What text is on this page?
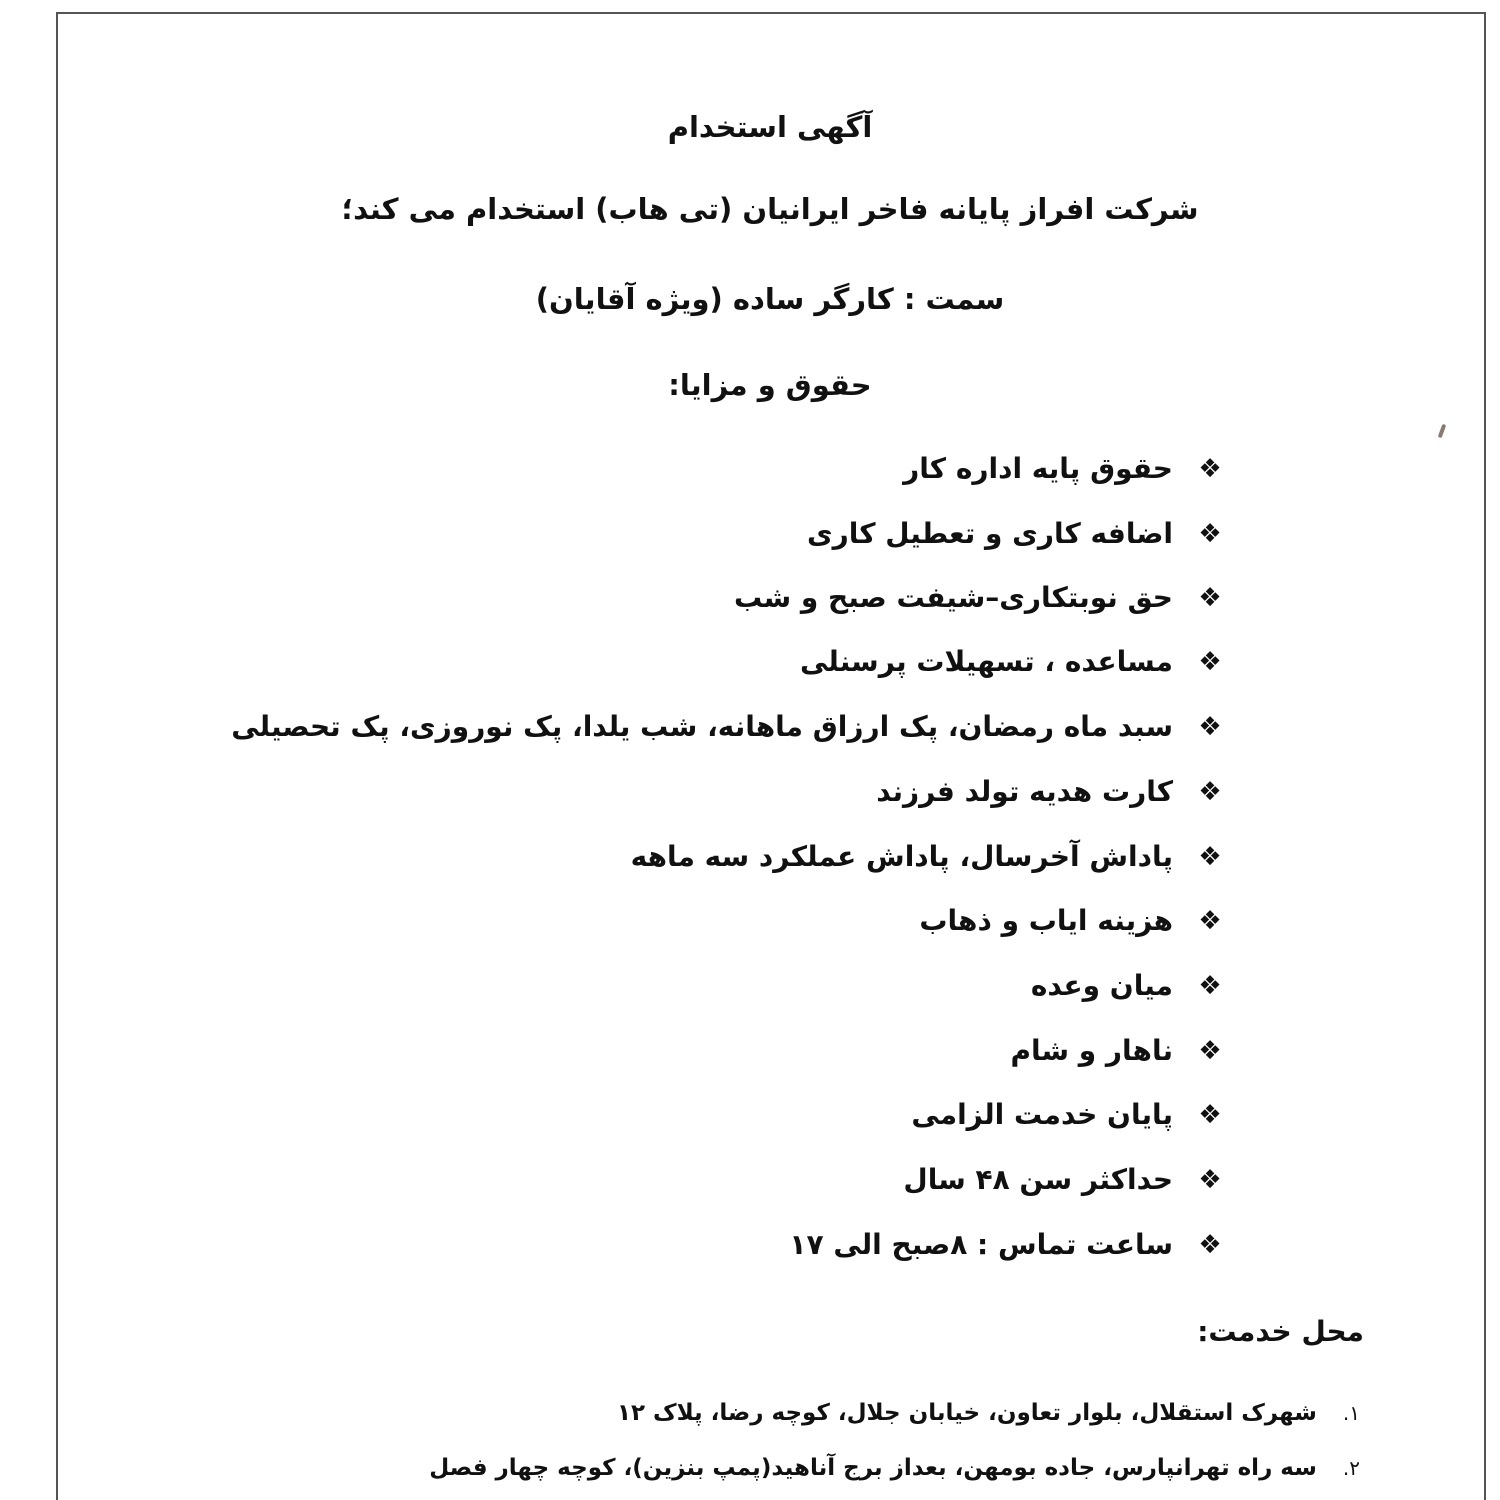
آگهی استخدام
شرکت افراز پایانه فاخر ایرانیان (تی هاب) استخدام می کند؛
سمت : کارگر ساده (ویژه آقایان)
حقوق و مزایا:
❖
حقوق پایه اداره کار
❖
اضافه کاری و تعطیل کاری
❖
حق نوبتکاری–شیفت صبح و شب
❖
مساعده ، تسهیلات پرسنلی
❖
سبد ماه رمضان، پک ارزاق ماهانه، شب یلدا، پک نوروزی، پک تحصیلی
❖
کارت هدیه تولد فرزند
❖
پاداش آخرسال، پاداش عملکرد سه ماهه
❖
هزینه ایاب و ذهاب
❖
میان وعده
❖
ناهار و شام
❖
پایان خدمت الزامی
❖
حداکثر سن ۴۸ سال
❖
ساعت تماس : ۸صبح الی ۱۷
محل خدمت:
۱.
شهرک استقلال، بلوار تعاون، خیابان جلال، کوچه رضا، پلاک ۱۲
۲.
سه راه تهرانپارس، جاده بومهن، بعداز برج آناهید(پمپ بنزین)، کوچه چهار فصل
